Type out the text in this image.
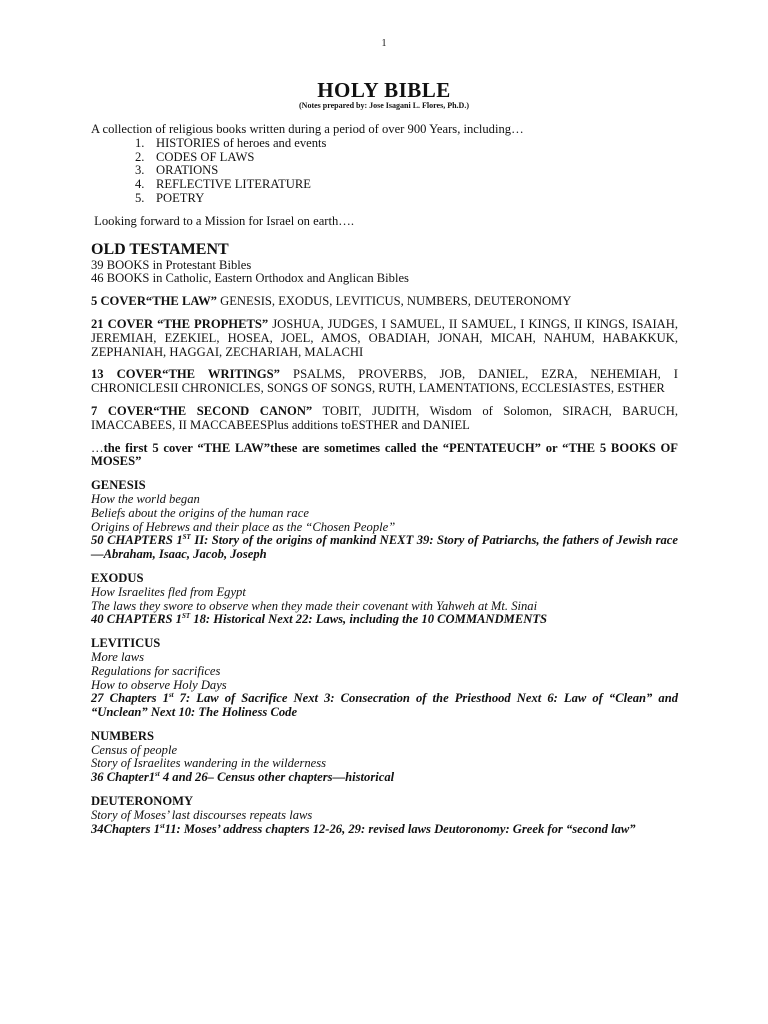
1
HOLY BIBLE
(Notes prepared by: Jose Isagani L. Flores, Ph.D.)

A collection of religious books written during a period of over 900 Years, including…

1. HISTORIES of heroes and events
2. CODES OF LAWS
3. ORATIONS
4. REFLECTIVE LITERATURE
5. POETRY

Looking forward to a Mission for Israel on earth….

OLD TESTAMENT

39 BOOKS in Protestant Bibles

46 BOOKS in Catholic, Eastern Orthodox and Anglican Bibles

5 COVER“THE LAW” GENESIS, EXODUS, LEVITICUS, NUMBERS, DEUTERONOMY

21 COVER “THE PROPHETS” JOSHUA, JUDGES, I SAMUEL, II SAMUEL, I KINGS, II KINGS, ISAIAH, JEREMIAH, EZEKIEL, HOSEA, JOEL, AMOS, OBADIAH, JONAH, MICAH, NAHUM, HABAKKUK, ZEPHANIAH, HAGGAI, ZECHARIAH, MALACHI

13 COVER“THE WRITINGS” PSALMS, PROVERBS, JOB, DANIEL, EZRA, NEHEMIAH, I CHRONICLESII CHRONICLES, SONGS OF SONGS, RUTH, LAMENTATIONS, ECCLESIASTES, ESTHER

7 COVER“THE SECOND CANON” TOBIT, JUDITH, Wisdom of Solomon, SIRACH, BARUCH, IMACCABEES, II MACCABEESPlus additions toESTHER and DANIEL

…the first 5 cover “THE LAW”these are sometimes called the “PENTATEUCH” or “THE 5 BOOKS OF MOSES”

GENESIS

How the world began

Beliefs about the origins of the human race

Origins of Hebrews and their place as the “Chosen People”

50 CHAPTERS 1ST II: Story of the origins of mankind NEXT 39: Story of Patriarchs, the fathers of Jewish race—Abraham, Isaac, Jacob, Joseph

EXODUS

How Israelites fled from Egypt

The laws they swore to observe when they made their covenant with Yahweh at Mt. Sinai

40 CHAPTERS 1ST 18: Historical Next 22: Laws, including the 10 COMMANDMENTS

LEVITICUS

More laws

Regulations for sacrifices

How to observe Holy Days

27 Chapters 1st 7: Law of Sacrifice Next 3: Consecration of the Priesthood Next 6: Law of “Clean” and “Unclean” Next 10: The Holiness Code

NUMBERS

Census of people

Story of Israelites wandering in the wilderness

36 Chapter1st 4 and 26– Census other chapters—historical

DEUTERONOMY

Story of Moses’ last discourses repeats laws

34Chapters 1st11: Moses’ address chapters 12-26, 29: revised laws Deutoronomy: Greek for “second law”
